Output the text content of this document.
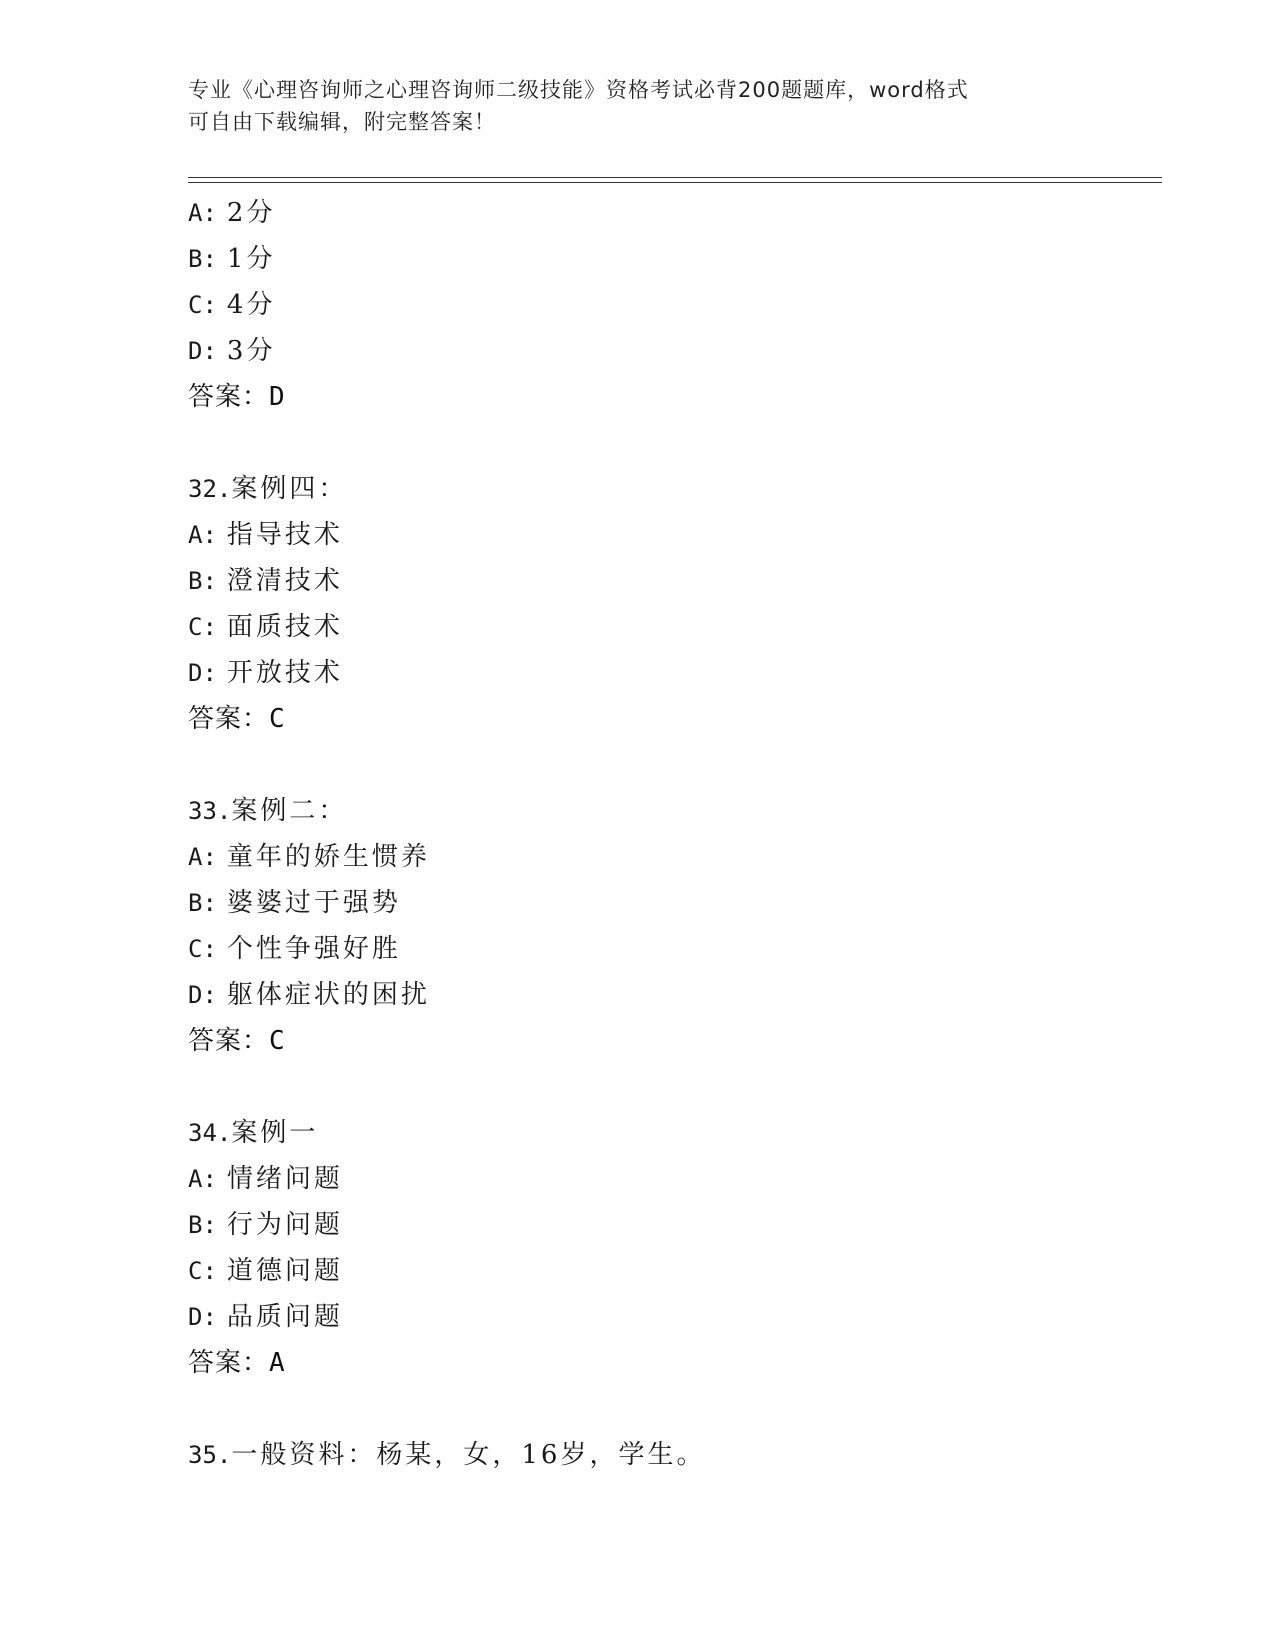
专业《心理咨询师之心理咨询师二级技能》资格考试必背200题题库，word格式
可自由下载编辑，附完整答案！
A: 2分
B: 1分
C: 4分
D: 3分
答案：D
32.案例四：
A: 指导技术
B: 澄清技术
C: 面质技术
D: 开放技术
答案：C
33.案例二：
A: 童年的娇生惯养
B: 婆婆过于强势
C: 个性争强好胜
D: 躯体症状的困扰
答案：C
34.案例一
A: 情绪问题
B: 行为问题
C: 道德问题
D: 品质问题
答案：A
35.一般资料：杨某，女，16岁，学生。
